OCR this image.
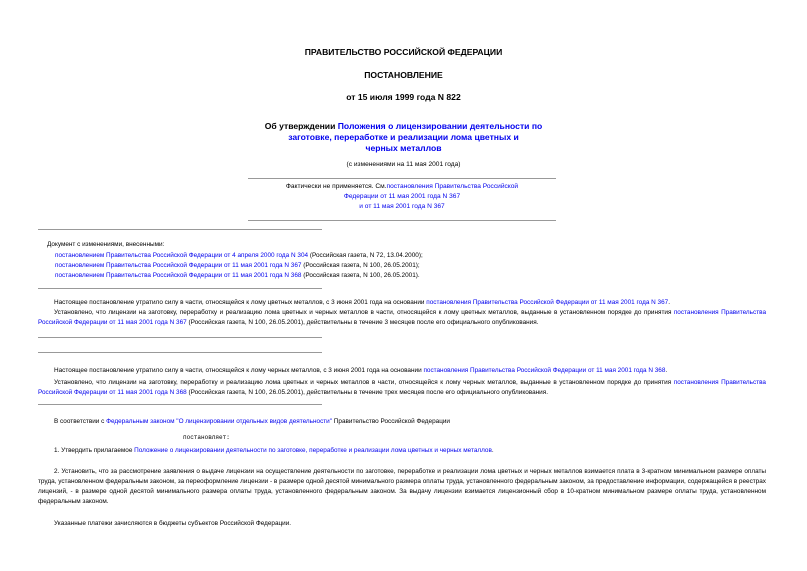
ПРАВИТЕЛЬСТВО РОССИЙСКОЙ ФЕДЕРАЦИИ
ПОСТАНОВЛЕНИЕ
от 15 июля 1999 года N 822
Об утверждении Положения о лицензировании деятельности по
заготовке, переработке и реализации лома цветных и
черных металлов
(с изменениями на 11 мая 2001 года)
Фактически не применяется. См.постановления Правительства Российской
Федерации от 11 мая 2001 года N 367
и от 11 мая 2001 года N 367
Документ с изменениями, внесенными:
постановлением Правительства Российской Федерации от 4 апреля 2000 года N 304 (Российская газета, N 72, 13.04.2000);
постановлением Правительства Российской Федерации от 11 мая 2001 года N 367 (Российская газета, N 100, 26.05.2001);
постановлением Правительства Российской Федерации от 11 мая 2001 года N 368 (Российская газета, N 100, 26.05.2001).
Настоящее постановление утратило силу в части, относящейся к лому цветных металлов, с 3 июня 2001 года на основании постановления Правительства Российской Федерации от 11 мая 2001 года N 367.
Установлено, что лицензии на заготовку, переработку и реализацию лома цветных и черных металлов в части, относящейся к лому цветных металлов, выданные в установленном порядке до принятия постановления Правительства Российской Федерации от 11 мая 2001 года N 367 (Российская газета, N 100, 26.05.2001), действительны в течение 3 месяцев после его официального опубликования.
Настоящее постановление утратило силу в части, относящейся к лому черных металлов, с 3 июня 2001 года на основании постановления Правительства Российской Федерации от 11 мая 2001 года N 368.
Установлено, что лицензии на заготовку, переработку и реализацию лома цветных и черных металлов в части, относящейся к лому черных металлов, выданные в установленном порядке до принятия постановления Правительства Российской Федерации от 11 мая 2001 года N 368 (Российская газета, N 100, 26.05.2001), действительны в течение трех месяцев после его официального опубликования.
В соответствии с Федеральным законом "О лицензировании отдельных видов деятельности" Правительство Российской Федерации
постановляет:
1. Утвердить прилагаемое Положение о лицензировании деятельности по заготовке, переработке и реализации лома цветных и черных металлов.
2. Установить, что за рассмотрение заявления о выдаче лицензии на осуществление деятельности по заготовке, переработке и реализации лома цветных и черных металлов взимается плата в 3-кратном минимальном размере оплаты труда, установленном федеральным законом, за переоформление лицензии - в размере одной десятой минимального размера оплаты труда, установленного федеральным законом, за предоставление информации, содержащейся в реестрах лицензий, - в размере одной десятой минимального размера оплаты труда, установленного федеральным законом. За выдачу лицензии взимается лицензионный сбор в 10-кратном минимальном размере оплаты труда, установленном федеральным законом.
Указанные платежи зачисляются в бюджеты субъектов Российской Федерации.
